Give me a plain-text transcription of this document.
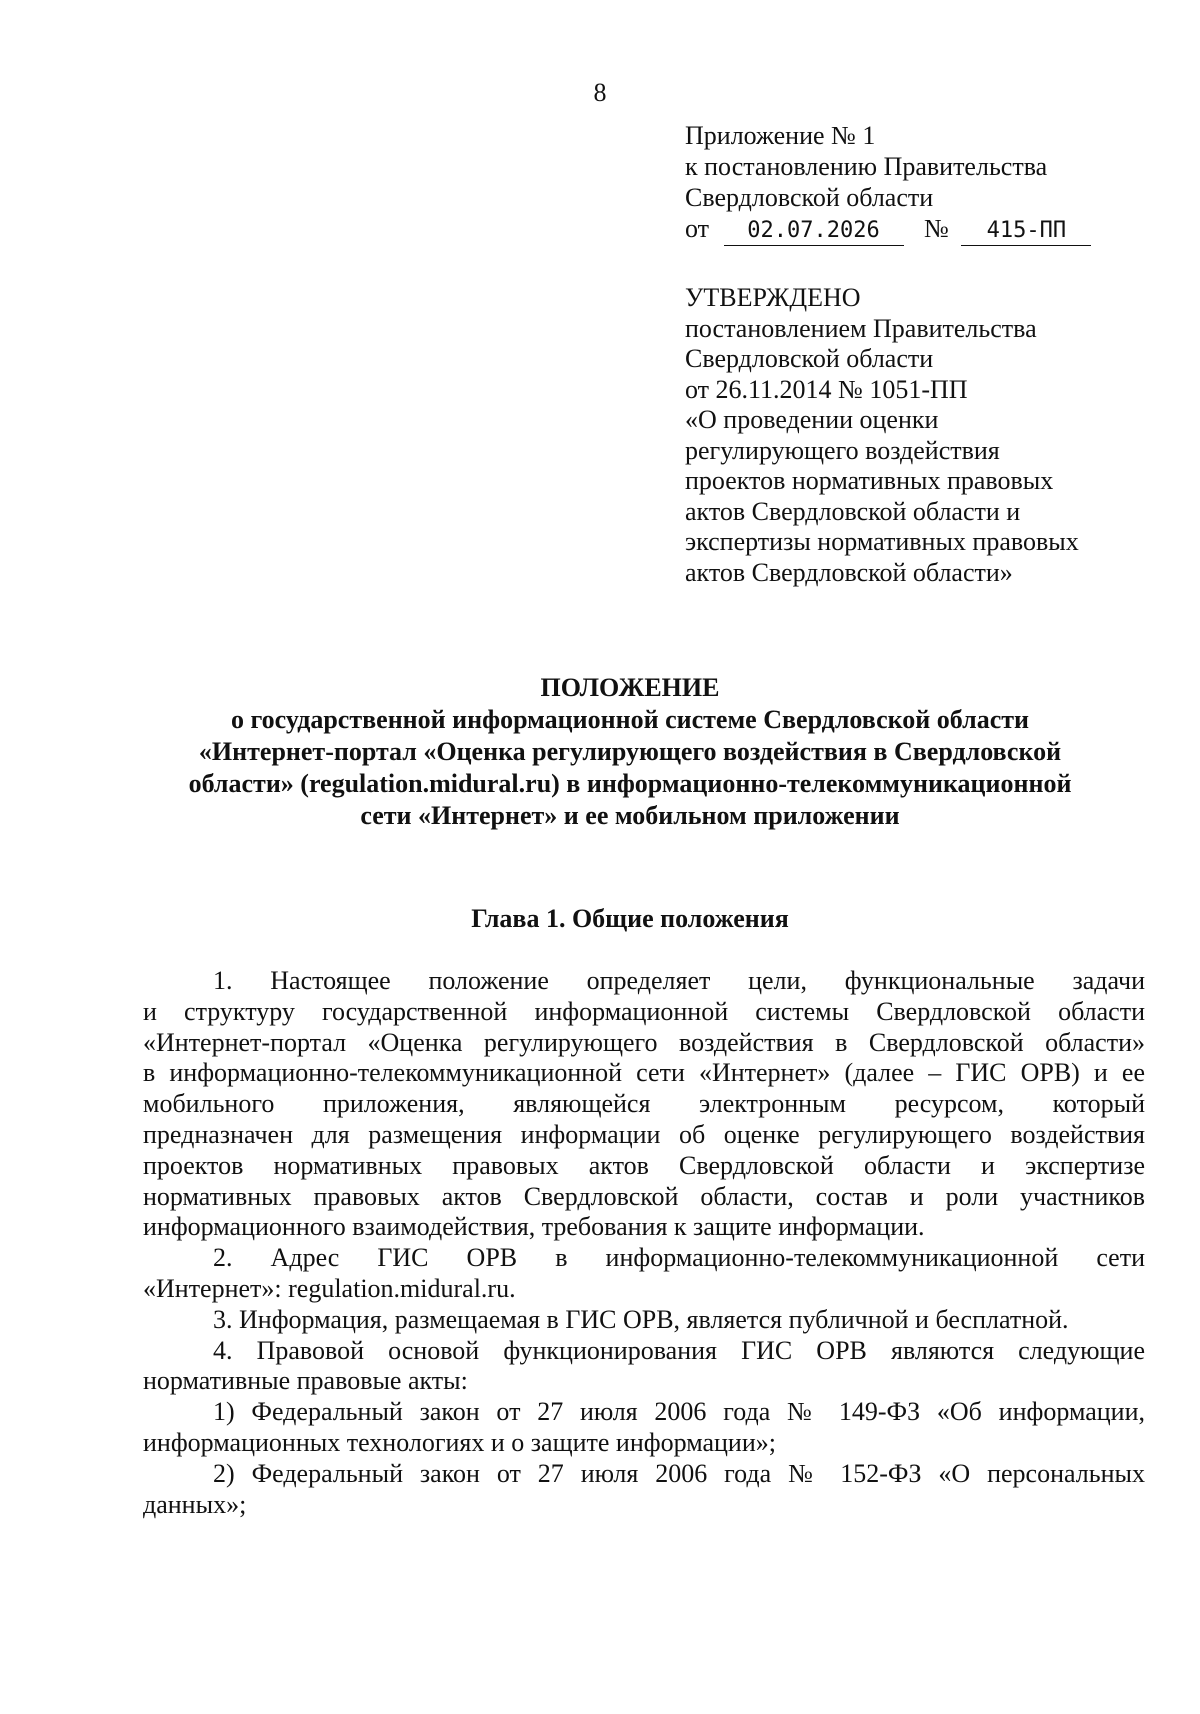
8
Приложение № 1
к постановлению Правительства
Свердловской области
от 02.07.2026 № 415-ПП
УТВЕРЖДЕНО
постановлением Правительства
Свердловской области
от 26.11.2014 № 1051-ПП
«О проведении оценки
регулирующего воздействия
проектов нормативных правовых
актов Свердловской области и
экспертизы нормативных правовых
актов Свердловской области»
ПОЛОЖЕНИЕ
о государственной информационной системе Свердловской области
«Интернет-портал «Оценка регулирующего воздействия в Свердловской
области» (regulation.midural.ru) в информационно-телекоммуникационной
сети «Интернет» и ее мобильном приложении
Глава 1. Общие положения
1. Настоящее положение определяет цели, функциональные задачи
и структуру государственной информационной системы Свердловской области
«Интернет-портал «Оценка регулирующего воздействия в Свердловской области»
в информационно-телекоммуникационной сети «Интернет» (далее – ГИС ОРВ) и ее
мобильного приложения, являющейся электронным ресурсом, который
предназначен для размещения информации об оценке регулирующего воздействия
проектов нормативных правовых актов Свердловской области и экспертизе
нормативных правовых актов Свердловской области, состав и роли участников
информационного взаимодействия, требования к защите информации.
2. Адрес ГИС ОРВ в информационно-телекоммуникационной сети
«Интернет»: regulation.midural.ru.
3. Информация, размещаемая в ГИС ОРВ, является публичной и бесплатной.
4. Правовой основой функционирования ГИС ОРВ являются следующие
нормативные правовые акты:
1) Федеральный закон от 27 июля 2006 года № 149-ФЗ «Об информации,
информационных технологиях и о защите информации»;
2) Федеральный закон от 27 июля 2006 года № 152-ФЗ «О персональных
данных»;
